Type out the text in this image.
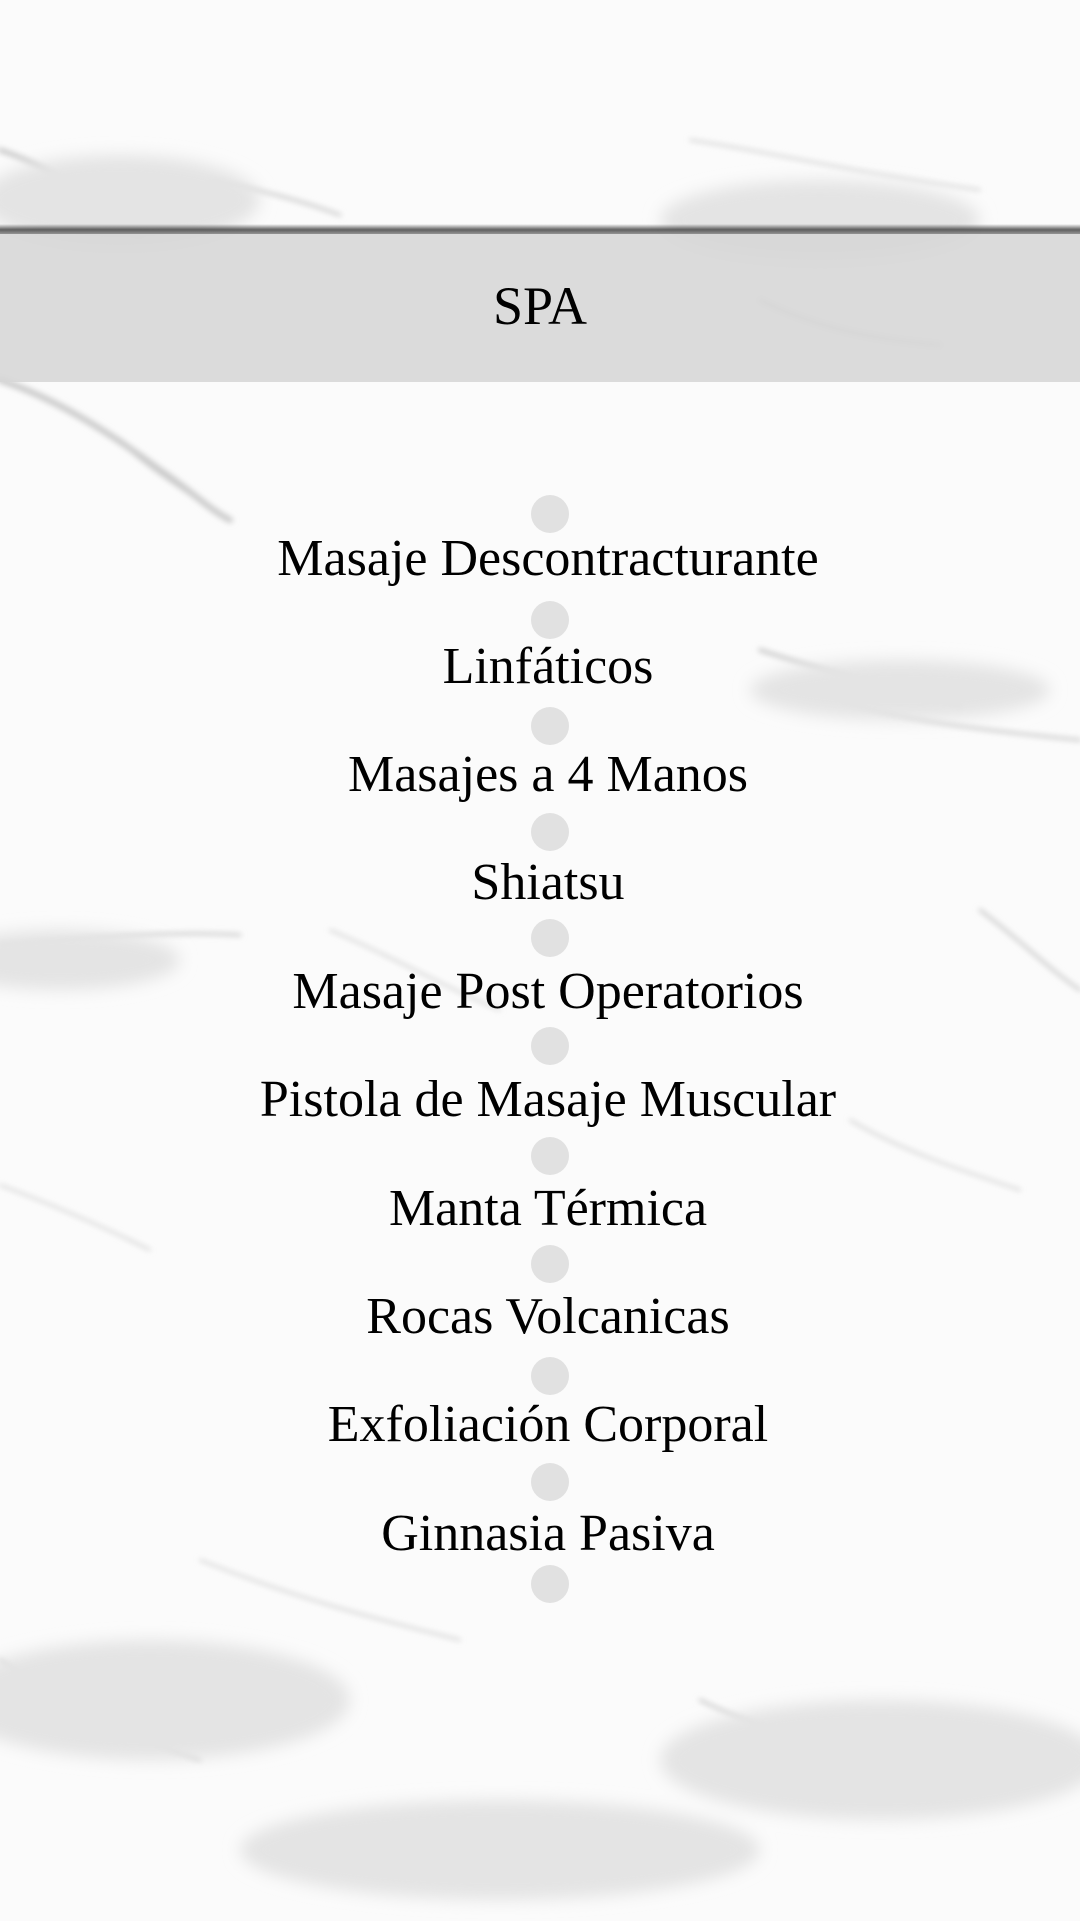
SPA
Masaje Descontracturante
Linfáticos
Masajes a 4 Manos
Shiatsu
Masaje Post Operatorios
Pistola de Masaje Muscular
Manta Térmica
Rocas Volcanicas
Exfoliación Corporal
Ginnasia Pasiva
